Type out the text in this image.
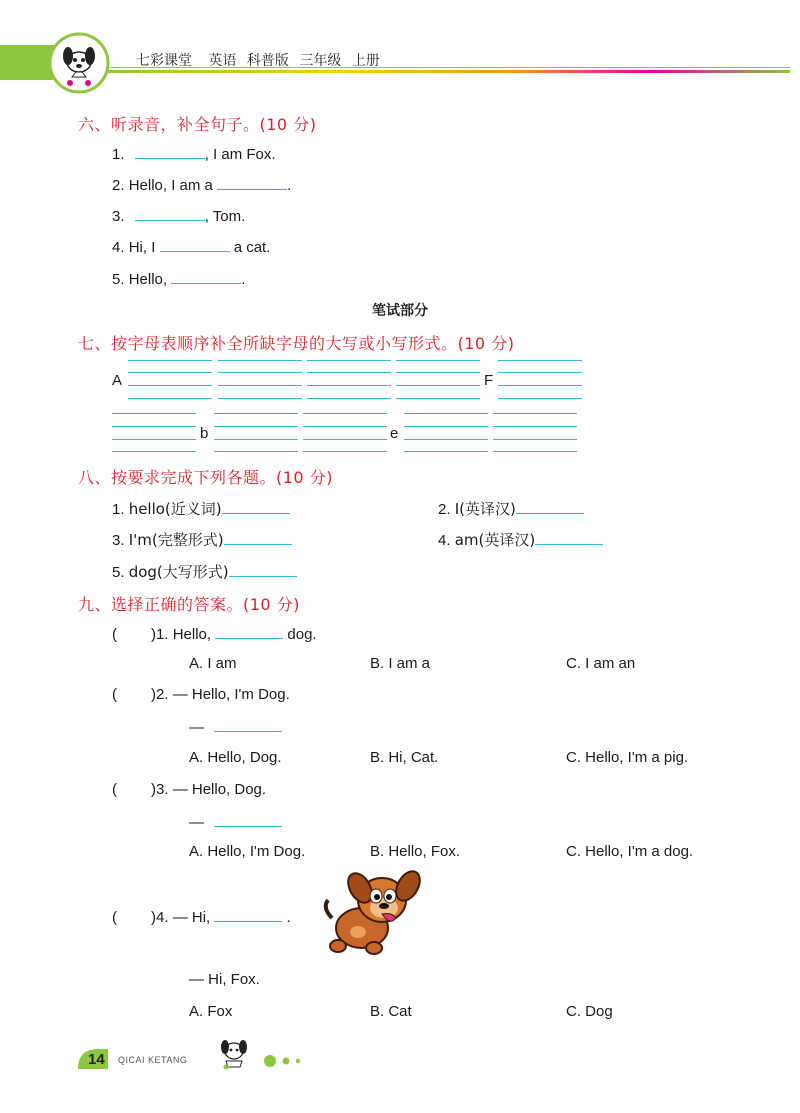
七彩课堂 英语 科普版 三年级 上册
六、听录音，补全句子。(10 分)
1.	, I am Fox.
2. Hello, I am a	.
3.	, Tom.
4. Hi, I	a cat.
5. Hello,	.
笔试部分
七、按字母表顺序补全所缺字母的大写或小写形式。(10 分)
A	F
b	e
八、按要求完成下列各题。(10 分)
1. hello(近义词)	2. I(英译汉)
3. I'm(完整形式)	4. am(英译汉)
5. dog(大写形式)
九、选择正确的答案。(10 分)
( )1. Hello,	dog.
A. I am	B. I am a	C. I am an
( )2. — Hello, I'm Dog.
—
A. Hello, Dog.	B. Hi, Cat.	C. Hello, I'm a pig.
( )3. — Hello, Dog.
—
A. Hello, I'm Dog.	B. Hello, Fox.	C. Hello, I'm a dog.
( )4. — Hi,	.
— Hi, Fox.
A. Fox	B. Cat	C. Dog
14 QICAI KETANG
